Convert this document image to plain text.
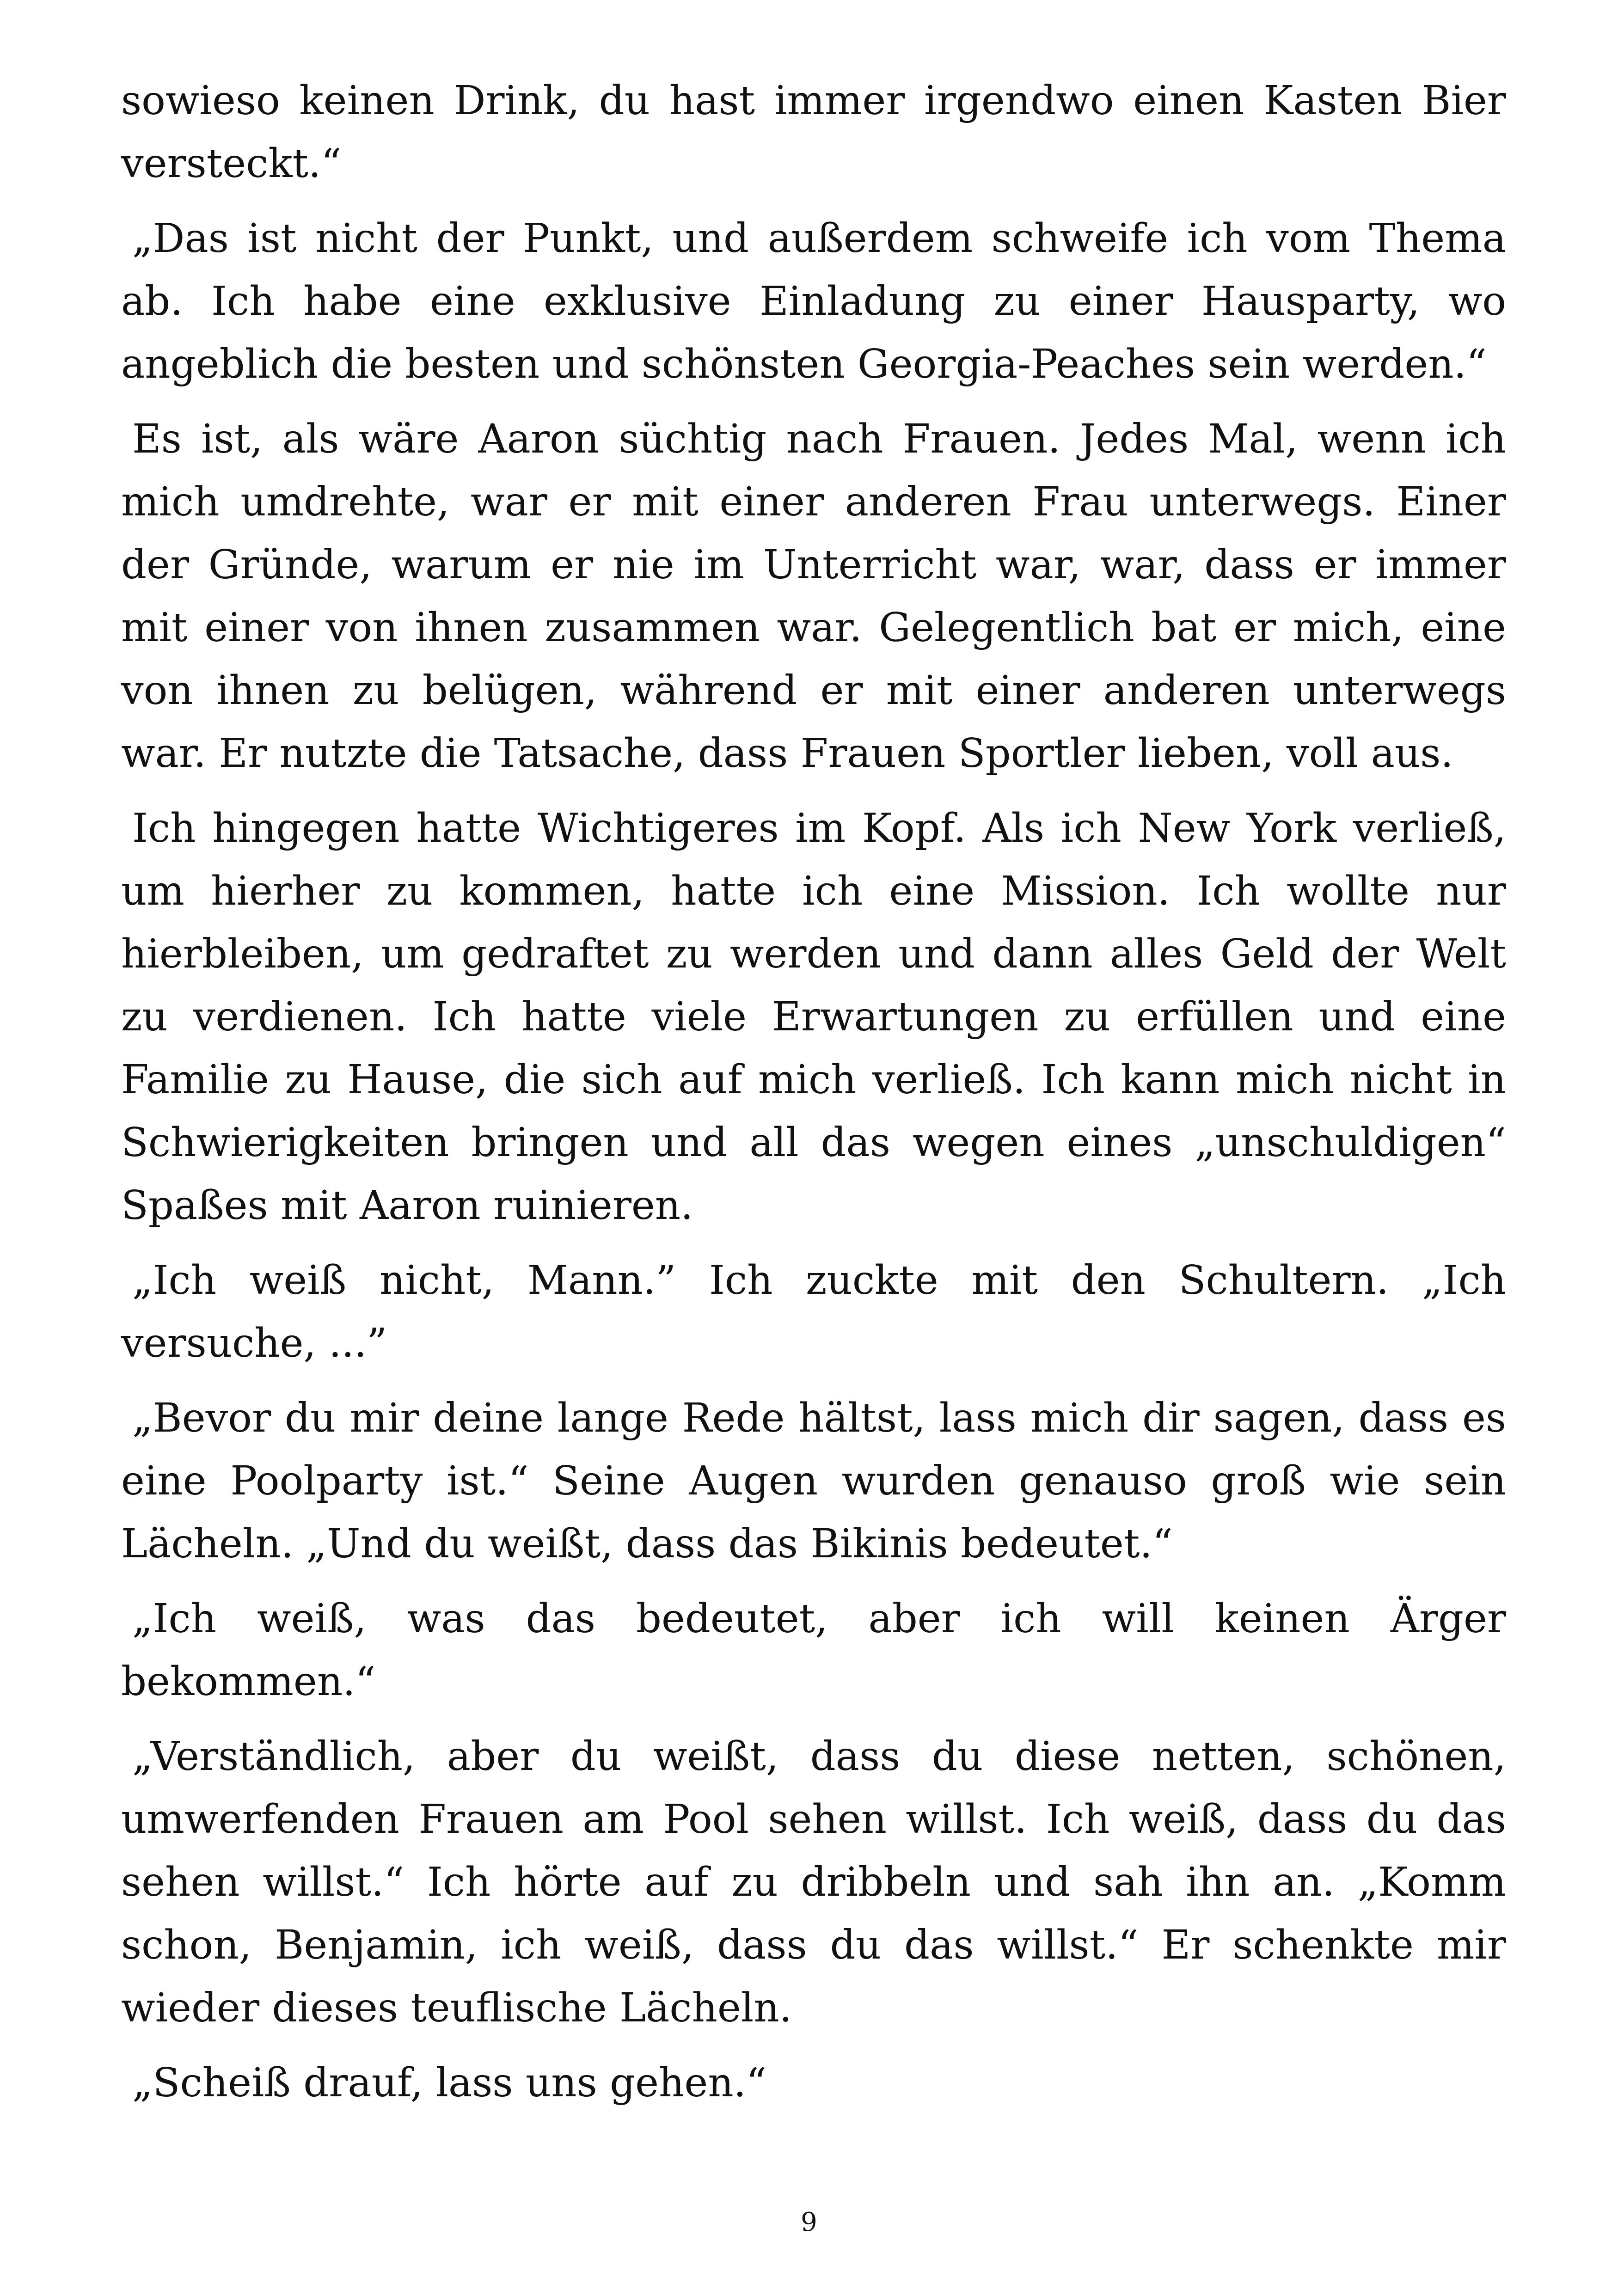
sowieso keinen Drink, du hast immer irgendwo einen Kasten Bier versteckt.“

„Das ist nicht der Punkt, und außerdem schweife ich vom Thema ab. Ich habe eine exklusive Einladung zu einer Hausparty, wo angeblich die besten und schönsten Georgia-Peaches sein werden.“

Es ist, als wäre Aaron süchtig nach Frauen. Jedes Mal, wenn ich mich umdrehte, war er mit einer anderen Frau unterwegs. Einer der Gründe, warum er nie im Unterricht war, war, dass er immer mit einer von ihnen zusammen war. Gelegentlich bat er mich, eine von ihnen zu belügen, während er mit einer anderen unterwegs war. Er nutzte die Tatsache, dass Frauen Sportler lieben, voll aus.

Ich hingegen hatte Wichtigeres im Kopf. Als ich New York verließ, um hierher zu kommen, hatte ich eine Mission. Ich wollte nur hierbleiben, um gedraftet zu werden und dann alles Geld der Welt zu verdienen. Ich hatte viele Erwartungen zu erfüllen und eine Familie zu Hause, die sich auf mich verließ. Ich kann mich nicht in Schwierigkeiten bringen und all das wegen eines „unschuldigen“ Spaßes mit Aaron ruinieren.

„Ich weiß nicht, Mann.” Ich zuckte mit den Schultern. „Ich versuche, ...”

„Bevor du mir deine lange Rede hältst, lass mich dir sagen, dass es eine Poolparty ist.“ Seine Augen wurden genauso groß wie sein Lächeln. „Und du weißt, dass das Bikinis bedeutet.“

„Ich weiß, was das bedeutet, aber ich will keinen Ärger bekommen.“

„Verständlich, aber du weißt, dass du diese netten, schönen, umwerfenden Frauen am Pool sehen willst. Ich weiß, dass du das sehen willst.“ Ich hörte auf zu dribbeln und sah ihn an. „Komm schon, Benjamin, ich weiß, dass du das willst.“ Er schenkte mir wieder dieses teuflische Lächeln.

„Scheiß drauf, lass uns gehen.“

9
